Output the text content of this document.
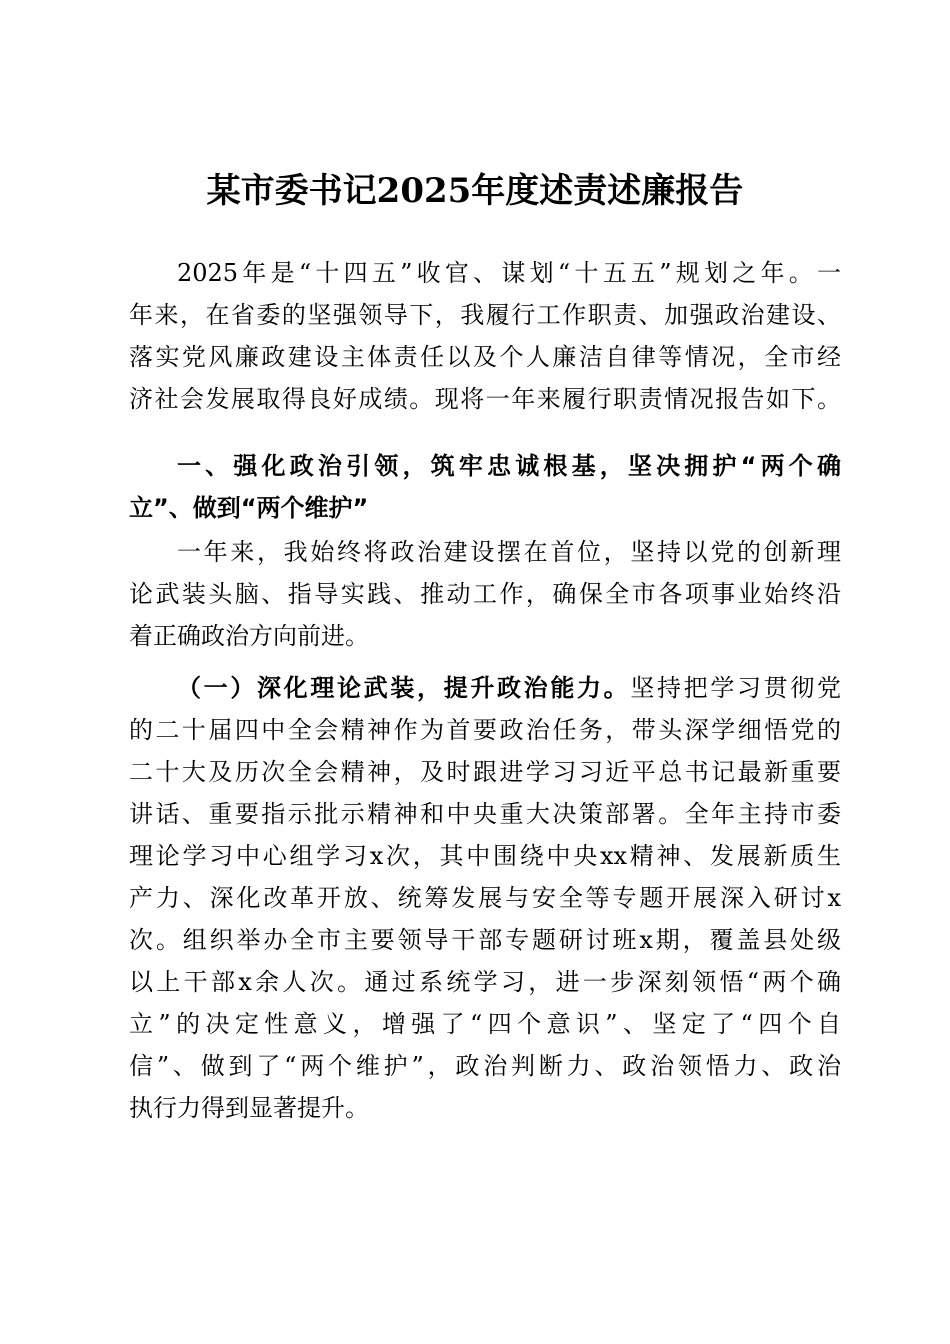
某市委书记2025年度述责述廉报告
2025年是“十四五”收官、谋划“十五五”规划之年。一
年来，在省委的坚强领导下，我履行工作职责、加强政治建设、
落实党风廉政建设主体责任以及个人廉洁自律等情况，全市经
济社会发展取得良好成绩。现将一年来履行职责情况报告如下。
一、强化政治引领，筑牢忠诚根基，坚决拥护“两个确
立”、做到“两个维护”
一年来，我始终将政治建设摆在首位，坚持以党的创新理
论武装头脑、指导实践、推动工作，确保全市各项事业始终沿
着正确政治方向前进。
（一）深化理论武装，提升政治能力。坚持把学习贯彻党
的二十届四中全会精神作为首要政治任务，带头深学细悟党的
二十大及历次全会精神，及时跟进学习习近平总书记最新重要
讲话、重要指示批示精神和中央重大决策部署。全年主持市委
理论学习中心组学习x次，其中围绕中央xx精神、发展新质生
产力、深化改革开放、统筹发展与安全等专题开展深入研讨x
次。组织举办全市主要领导干部专题研讨班x期，覆盖县处级
以上干部x余人次。通过系统学习，进一步深刻领悟“两个确
立”的决定性意义，增强了“四个意识”、坚定了“四个自
信”、做到了“两个维护”，政治判断力、政治领悟力、政治
执行力得到显著提升。
